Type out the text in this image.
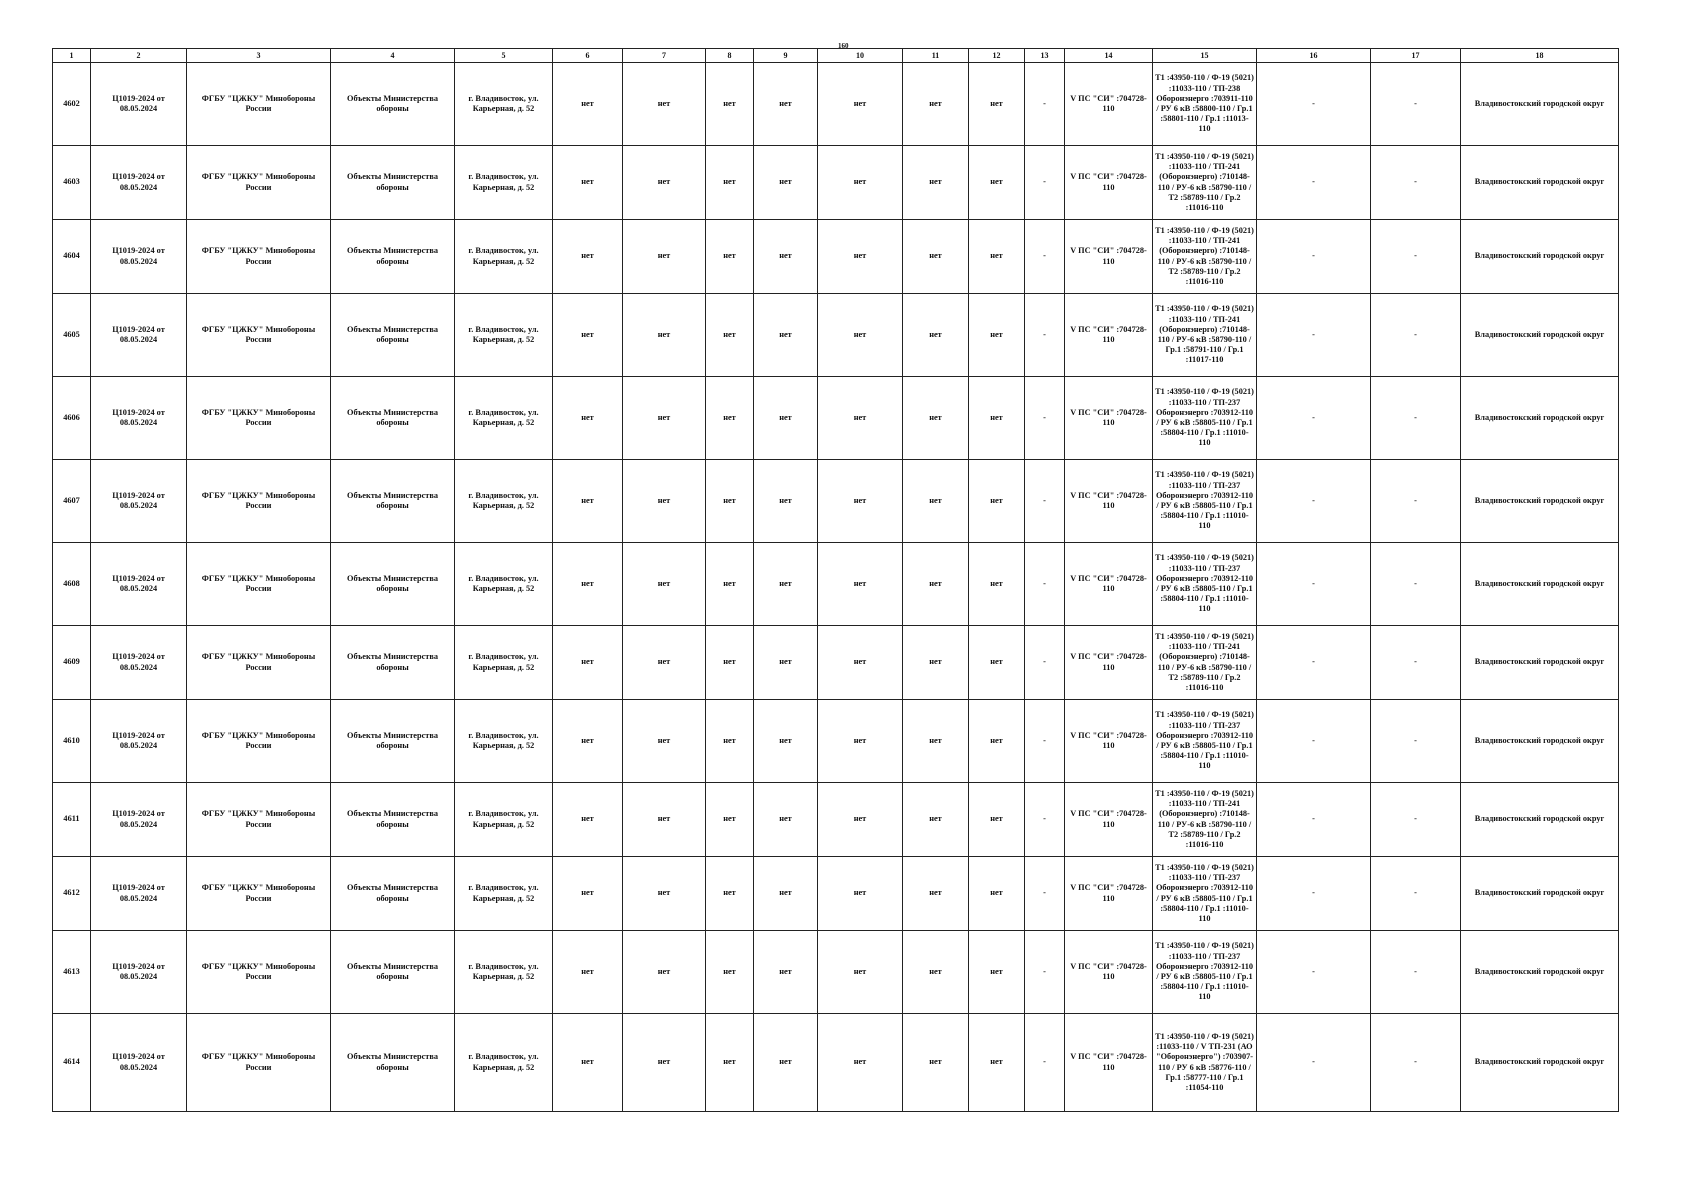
160
1	2	3	4	5	6	7	8	9	10	11	12	13	14	15	16	17	18
4602	Ц1019-2024 от 08.05.2024	ФГБУ "ЦЖКУ" Минобороны России	Объекты Министерства обороны	г. Владивосток, ул. Карьерная, д. 52	нет	нет	нет	нет	нет	нет	нет	-	V ПС "СИ" :704728-110	Т1 :43950-110 / Ф-19 (5021) :11033-110 / ТП-238 Оборонэнерго :703911-110 / РУ 6 кВ :58800-110 / Гр.1 :58801-110 / Гр.1 :11013-110	-	-	Владивостокский городской округ
4603	Ц1019-2024 от 08.05.2024	ФГБУ "ЦЖКУ" Минобороны России	Объекты Министерства обороны	г. Владивосток, ул. Карьерная, д. 52	нет	нет	нет	нет	нет	нет	нет	-	V ПС "СИ" :704728-110	Т1 :43950-110 / Ф-19 (5021) :11033-110 / ТП-241 (Оборонэнерго) :710148-110 / РУ-6 кВ :58790-110 / Т2 :58789-110 / Гр.2 :11016-110	-	-	Владивостокский городской округ
4604	Ц1019-2024 от 08.05.2024	ФГБУ "ЦЖКУ" Минобороны России	Объекты Министерства обороны	г. Владивосток, ул. Карьерная, д. 52	нет	нет	нет	нет	нет	нет	нет	-	V ПС "СИ" :704728-110	Т1 :43950-110 / Ф-19 (5021) :11033-110 / ТП-241 (Оборонэнерго) :710148-110 / РУ-6 кВ :58790-110 / Т2 :58789-110 / Гр.2 :11016-110	-	-	Владивостокский городской округ
4605	Ц1019-2024 от 08.05.2024	ФГБУ "ЦЖКУ" Минобороны России	Объекты Министерства обороны	г. Владивосток, ул. Карьерная, д. 52	нет	нет	нет	нет	нет	нет	нет	-	V ПС "СИ" :704728-110	Т1 :43950-110 / Ф-19 (5021) :11033-110 / ТП-241 (Оборонэнерго) :710148-110 / РУ-6 кВ :58790-110 / Гр.1 :58791-110 / Гр.1 :11017-110	-	-	Владивостокский городской округ
4606	Ц1019-2024 от 08.05.2024	ФГБУ "ЦЖКУ" Минобороны России	Объекты Министерства обороны	г. Владивосток, ул. Карьерная, д. 52	нет	нет	нет	нет	нет	нет	нет	-	V ПС "СИ" :704728-110	Т1 :43950-110 / Ф-19 (5021) :11033-110 / ТП-237 Оборонэнерго :703912-110 / РУ 6 кВ :58805-110 / Гр.1 :58804-110 / Гр.1 :11010-110	-	-	Владивостокский городской округ
4607	Ц1019-2024 от 08.05.2024	ФГБУ "ЦЖКУ" Минобороны России	Объекты Министерства обороны	г. Владивосток, ул. Карьерная, д. 52	нет	нет	нет	нет	нет	нет	нет	-	V ПС "СИ" :704728-110	Т1 :43950-110 / Ф-19 (5021) :11033-110 / ТП-237 Оборонэнерго :703912-110 / РУ 6 кВ :58805-110 / Гр.1 :58804-110 / Гр.1 :11010-110	-	-	Владивостокский городской округ
4608	Ц1019-2024 от 08.05.2024	ФГБУ "ЦЖКУ" Минобороны России	Объекты Министерства обороны	г. Владивосток, ул. Карьерная, д. 52	нет	нет	нет	нет	нет	нет	нет	-	V ПС "СИ" :704728-110	Т1 :43950-110 / Ф-19 (5021) :11033-110 / ТП-237 Оборонэнерго :703912-110 / РУ 6 кВ :58805-110 / Гр.1 :58804-110 / Гр.1 :11010-110	-	-	Владивостокский городской округ
4609	Ц1019-2024 от 08.05.2024	ФГБУ "ЦЖКУ" Минобороны России	Объекты Министерства обороны	г. Владивосток, ул. Карьерная, д. 52	нет	нет	нет	нет	нет	нет	нет	-	V ПС "СИ" :704728-110	Т1 :43950-110 / Ф-19 (5021) :11033-110 / ТП-241 (Оборонэнерго) :710148-110 / РУ-6 кВ :58790-110 / Т2 :58789-110 / Гр.2 :11016-110	-	-	Владивостокский городской округ
4610	Ц1019-2024 от 08.05.2024	ФГБУ "ЦЖКУ" Минобороны России	Объекты Министерства обороны	г. Владивосток, ул. Карьерная, д. 52	нет	нет	нет	нет	нет	нет	нет	-	V ПС "СИ" :704728-110	Т1 :43950-110 / Ф-19 (5021) :11033-110 / ТП-237 Оборонэнерго :703912-110 / РУ 6 кВ :58805-110 / Гр.1 :58804-110 / Гр.1 :11010-110	-	-	Владивостокский городской округ
4611	Ц1019-2024 от 08.05.2024	ФГБУ "ЦЖКУ" Минобороны России	Объекты Министерства обороны	г. Владивосток, ул. Карьерная, д. 52	нет	нет	нет	нет	нет	нет	нет	-	V ПС "СИ" :704728-110	Т1 :43950-110 / Ф-19 (5021) :11033-110 / ТП-241 (Оборонэнерго) :710148-110 / РУ-6 кВ :58790-110 / Т2 :58789-110 / Гр.2 :11016-110	-	-	Владивостокский городской округ
4612	Ц1019-2024 от 08.05.2024	ФГБУ "ЦЖКУ" Минобороны России	Объекты Министерства обороны	г. Владивосток, ул. Карьерная, д. 52	нет	нет	нет	нет	нет	нет	нет	-	V ПС "СИ" :704728-110	Т1 :43950-110 / Ф-19 (5021) :11033-110 / ТП-237 Оборонэнерго :703912-110 / РУ 6 кВ :58805-110 / Гр.1 :58804-110 / Гр.1 :11010-110	-	-	Владивостокский городской округ
4613	Ц1019-2024 от 08.05.2024	ФГБУ "ЦЖКУ" Минобороны России	Объекты Министерства обороны	г. Владивосток, ул. Карьерная, д. 52	нет	нет	нет	нет	нет	нет	нет	-	V ПС "СИ" :704728-110	Т1 :43950-110 / Ф-19 (5021) :11033-110 / ТП-237 Оборонэнерго :703912-110 / РУ 6 кВ :58805-110 / Гр.1 :58804-110 / Гр.1 :11010-110	-	-	Владивостокский городской округ
4614	Ц1019-2024 от 08.05.2024	ФГБУ "ЦЖКУ" Минобороны России	Объекты Министерства обороны	г. Владивосток, ул. Карьерная, д. 52	нет	нет	нет	нет	нет	нет	нет	-	V ПС "СИ" :704728-110	Т1 :43950-110 / Ф-19 (5021) :11033-110 / V ТП-231 (АО "Оборонэнерго") :703907-110 / РУ 6 кВ :58776-110 / Гр.1 :58777-110 / Гр.1 :11054-110	-	-	Владивостокский городской округ
